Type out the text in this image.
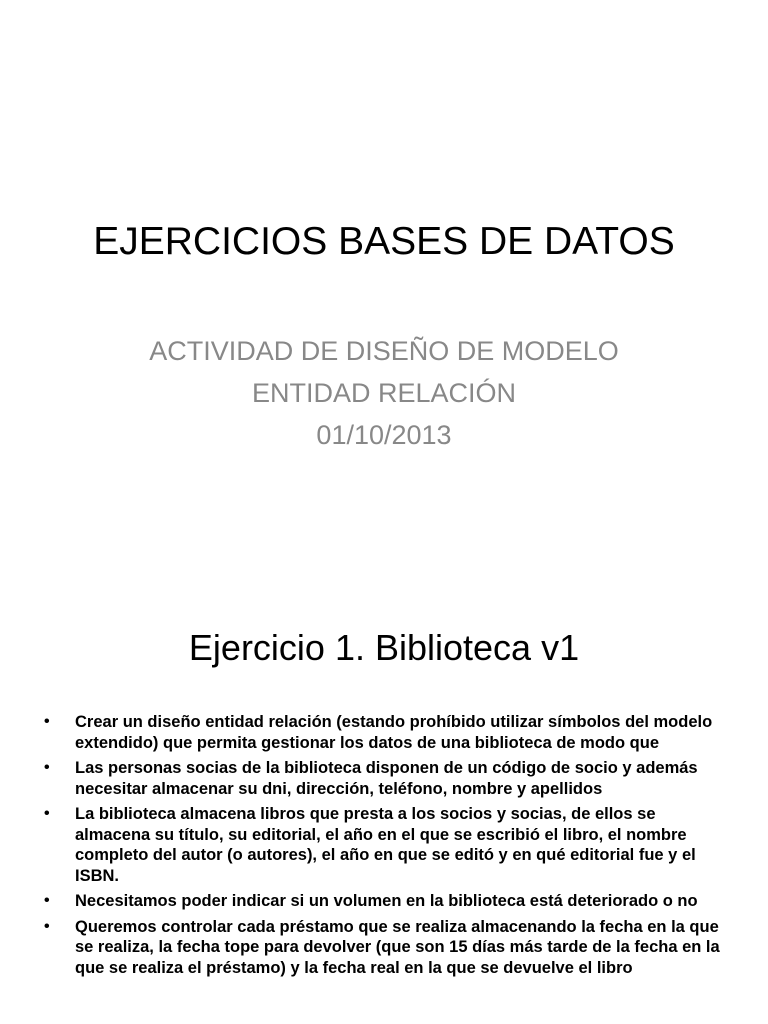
EJERCICIOS BASES DE DATOS
ACTIVIDAD DE DISEÑO DE MODELO
ENTIDAD RELACIÓN
01/10/2013
Ejercicio 1. Biblioteca v1
• Crear un diseño entidad relación (estando prohíbido utilizar símbolos del modelo extendido) que permita gestionar los datos de una biblioteca de modo que
• Las personas socias de la biblioteca disponen de un código de socio y además necesitar almacenar su dni, dirección, teléfono, nombre y apellidos
• La biblioteca almacena libros que presta a los socios y socias, de ellos se almacena su título, su editorial, el año en el que se escribió el libro, el nombre completo del autor (o autores), el año en que se editó y en qué editorial fue y el ISBN.
• Necesitamos poder indicar si un volumen en la biblioteca está deteriorado o no
• Queremos controlar cada préstamo que se realiza almacenando la fecha en la que se realiza, la fecha tope para devolver (que son 15 días más tarde de la fecha en la que se realiza el préstamo) y la fecha real en la que se devuelve el libro
